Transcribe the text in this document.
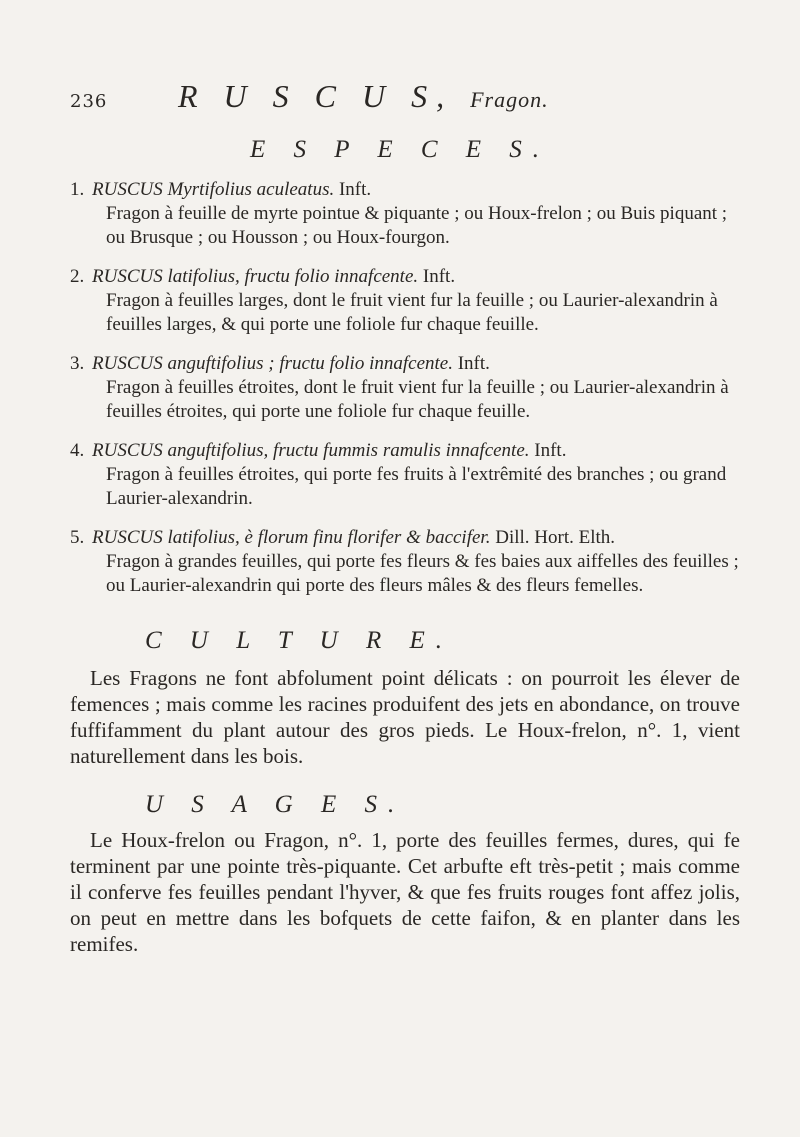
236	R U S C U S, Fragon.
E S P E C E S.
1. RUSCUS Myrtifolius aculeatus. Inft.
Fragon à feuille de myrte pointue & piquante ; ou Houx-frelon ; ou Buis piquant ; ou Brusque ; ou Housson ; ou Houx-fourgon.
2. RUSCUS latifolius, fructu folio innafcente. Inft.
Fragon à feuilles larges, dont le fruit vient fur la feuille ; ou Laurier-alexandrin à feuilles larges, & qui porte une foliole fur chaque feuille.
3. RUSCUS anguftifolius ; fructu folio innafcente. Inft.
Fragon à feuilles étroites, dont le fruit vient fur la feuille ; ou Laurier-alexandrin à feuilles étroites, qui porte une foliole fur chaque feuille.
4. RUSCUS anguftifolius, fructu fummis ramulis innafcente. Inft.
Fragon à feuilles étroites, qui porte fes fruits à l'extrêmité des branches ; ou grand Laurier-alexandrin.
5. RUSCUS latifolius, è florum finu florifer & baccifer. Dill. Hort. Elth.
Fragon à grandes feuilles, qui porte fes fleurs & fes baies aux aiffelles des feuilles ; ou Laurier-alexandrin qui porte des fleurs mâles & des fleurs femelles.
C U L T U R E.

Les Fragons ne font abfolument point délicats : on pourroit les élever de femences ; mais comme les racines produifent des jets en abondance, on trouve fuffifamment du plant autour des gros pieds. Le Houx-frelon, n°. 1, vient naturellement dans les bois.

U S A G E S.

Le Houx-frelon ou Fragon, n°. 1, porte des feuilles fermes, dures, qui fe terminent par une pointe très-piquante. Cet arbufte eft très-petit ; mais comme il conferve fes feuilles pendant l'hyver, & que fes fruits rouges font affez jolis, on peut en mettre dans les bofquets de cette faifon, & en planter dans les remifes.
